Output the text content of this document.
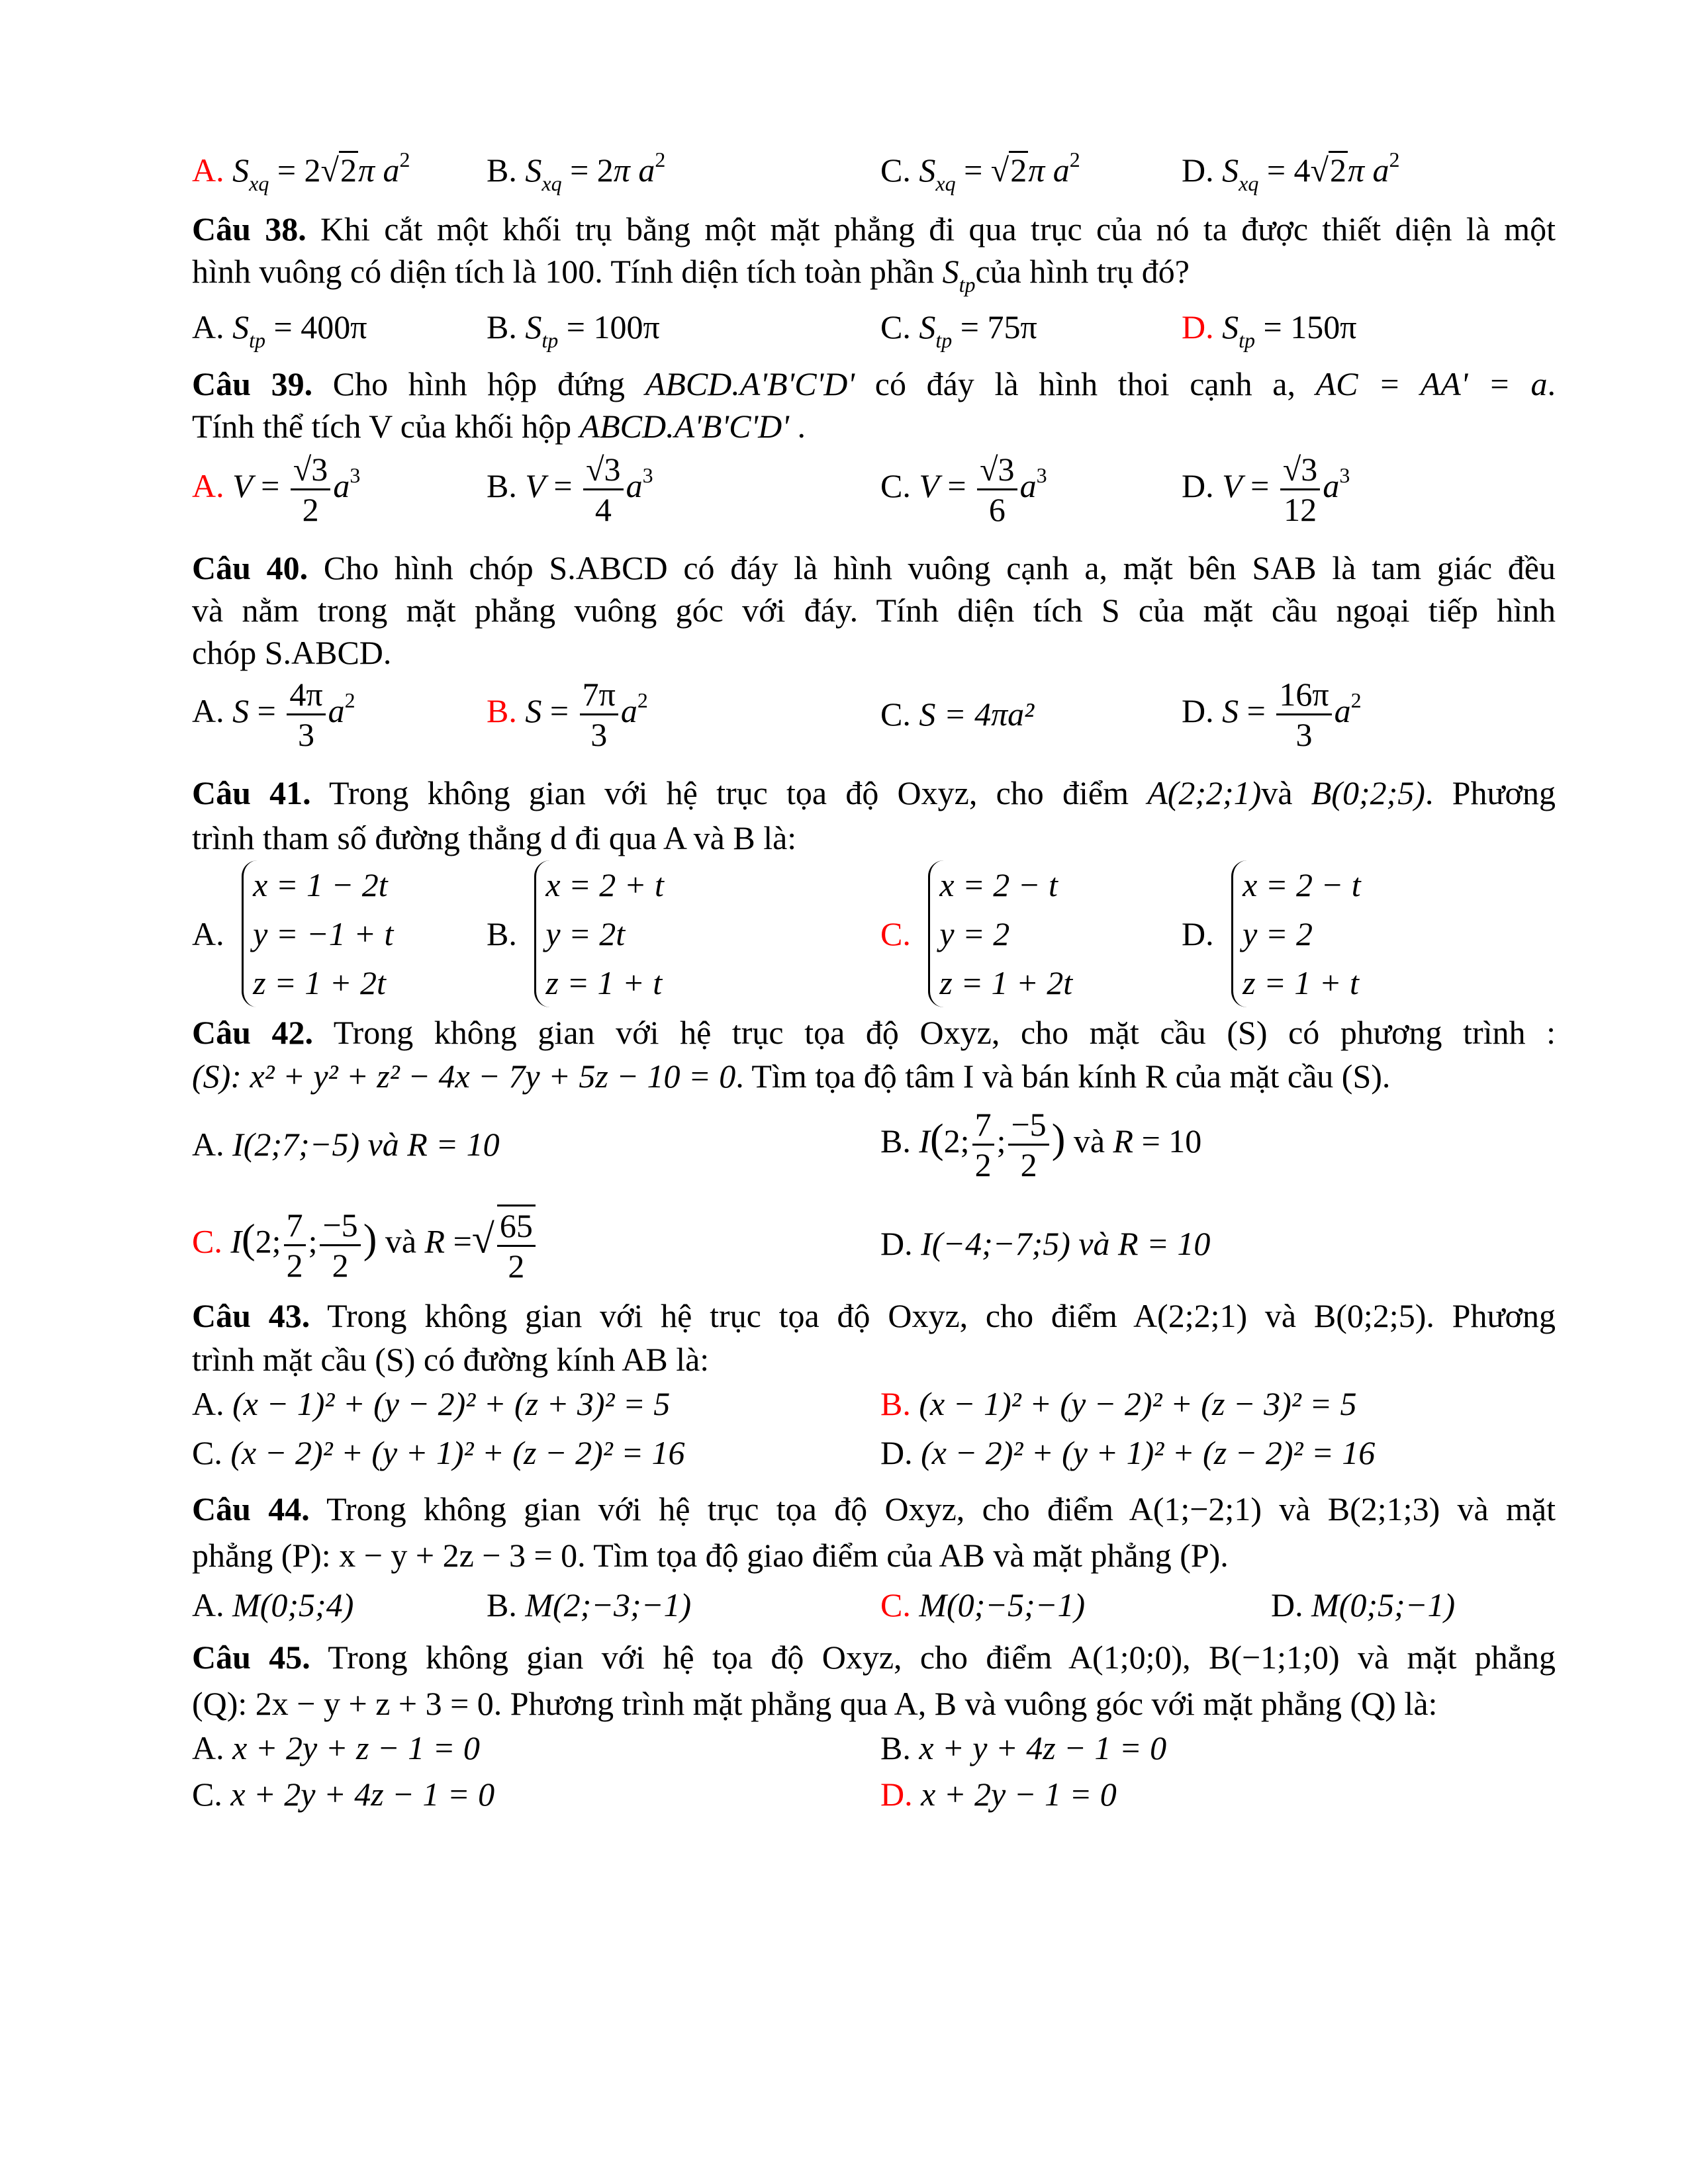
A. $S_{xq} = 2√2\pi$ $a^2$ B. $S_{xq} = 2\pi$ $a^2$	C. $S_{xq} = √2\pi$ $a^2$	D. $S_{xq} = 4√2\pi$ $a^2$
Câu 38. Khi cắt một khối trụ bằng một mặt phẳng đi qua trục của nó ta được thiết diện là một
hình vuông có diện tích là 100. Tính diện tích toàn phần $S_{tp}của$ hình trụ đó?
A. $S_{tp} = 400\pi$	B. $S_{tp} = 100\pi$	C. $S_{tp} = 75\pi$	D. $S_{tp} = 150\pi$
Câu 39. Cho hình hộp đứng ABCD.A'B'C'D' có đáy là hình thoi cạnh a, AC = AA' = a.
Tính thể tích V của khối hộp ABCD.A'B'C'D' .
A. $V = \frac{√3}{2} a^3$	B. $V = \frac{√3}{4} a^3$	C. $V = \frac{√3}{6} a^3$	D. $V = \frac{√3}{12} a^3$
Câu 40. Cho hình chóp S.ABCD có đáy là hình vuông cạnh a, mặt bên SAB là tam giác đều
và nằm trong mặt phẳng vuông góc với đáy. Tính diện tích S của mặt cầu ngoại tiếp hình
chóp S.ABCD.
A. $S = \frac{4\pi}{3} a^2$	B. $S = \frac{7\pi}{3} a^2$	C. S = 4πa²	D. $S = \frac{16\pi}{3} a^2$
Câu 41. Trong không gian với hệ trục tọa độ Oxyz, cho điểm A(2;2;1)và B(0;2;5). Phương
trình tham số đường thẳng d đi qua A và B là:
A.
x = 1 − 2t
y = −1 + t
z = 1 + 2t
B.
x = 2 + t
y = 2t
z = 1 + t
C.
x = 2 − t
y = 2
z = 1 + 2t
D.
x = 2 − t
y = 2
z = 1 + t
Câu 42. Trong không gian với hệ trục tọa độ Oxyz, cho mặt cầu (S) có phương trình :
(S): x² + y² + z² − 4x − 7y + 5z − 10 = 0. Tìm tọa độ tâm I và bán kính R của mặt cầu (S).
A. I(2;7;−5) và R = 10	B. I(2; $\frac{7}{2}$ ; $\frac{-5}{2}$ ) và R = 10
C. I(2; $\frac{7}{2}$ ; $\frac{-5}{2}$ ) và R =√ $\frac{65}{2}$	D. I(−4;−7;5) và R = 10
Câu 43. Trong không gian với hệ trục tọa độ Oxyz, cho điểm A(2;2;1) và B(0;2;5). Phương
trình mặt cầu (S) có đường kính AB là:
A. (x − 1)² + (y − 2)² + (z + 3)² = 5	B. (x − 1)² + (y − 2)² + (z − 3)² = 5
C. (x − 2)² + (y + 1)² + (z − 2)² = 16	D. (x − 2)² + (y + 1)² + (z − 2)² = 16
Câu 44. Trong không gian với hệ trục tọa độ Oxyz, cho điểm A(1;−2;1) và B(2;1;3) và mặt
phẳng (P): x − y + 2z − 3 = 0. Tìm tọa độ giao điểm của AB và mặt phẳng (P).
A. M(0;5;4)	B. M(2;−3;−1)	C. M(0;−5;−1)	D. M(0;5;−1)
Câu 45. Trong không gian với hệ tọa độ Oxyz, cho điểm A(1;0;0), B(−1;1;0) và mặt phẳng
(Q): 2x − y + z + 3 = 0. Phương trình mặt phẳng qua A, B và vuông góc với mặt phẳng (Q) là:
A. x + 2y + z − 1 = 0	B. x + y + 4z − 1 = 0
C. x + 2y + 4z − 1 = 0	D. x + 2y − 1 = 0
